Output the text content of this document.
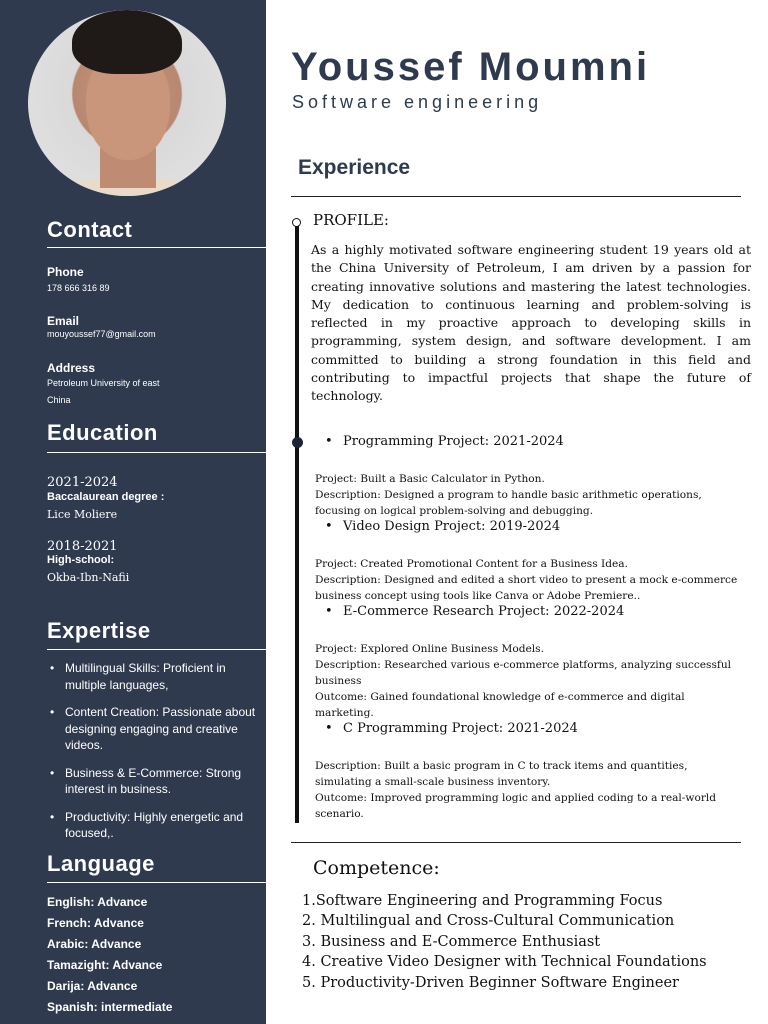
Contact
Phone
178 666 316 89
Email
mouyoussef77@gmail.com
Address
Petroleum University of east
China
Education
2021-2024
Baccalaurean degree :
Lice Moliere
2018-2021
High-school:
Okba-Ibn-Nafii
Expertise
• Multilingual Skills: Proficient in multiple languages,
• Content Creation: Passionate about designing engaging and creative videos.
• Business & E-Commerce: Strong interest in business.
• Productivity: Highly energetic and focused,.
Language
English: Advance
French: Advance
Arabic: Advance
Tamazight: Advance
Darija: Advance
Spanish: intermediate
Youssef Moumni
Software engineering
Experience
PROFILE:

As a highly motivated software engineering student 19 years old at the China University of Petroleum, I am driven by a passion for creating innovative solutions and mastering the latest technologies. My dedication to continuous learning and problem-solving is reflected in my proactive approach to developing skills in programming, system design, and software development. I am committed to building a strong foundation in this field and contributing to impactful projects that shape the future of technology.

• Programming Project: 2021-2024
Project: Built a Basic Calculator in Python.
Description: Designed a program to handle basic arithmetic operations, focusing on logical problem-solving and debugging.
• Video Design Project: 2019-2024
Project: Created Promotional Content for a Business Idea.
Description: Designed and edited a short video to present a mock e-commerce business concept using tools like Canva or Adobe Premiere..
• E-Commerce Research Project: 2022-2024
Project: Explored Online Business Models.
Description: Researched various e-commerce platforms, analyzing successful business
Outcome: Gained foundational knowledge of e-commerce and digital marketing.
• C Programming Project: 2021-2024
Description: Built a basic program in C to track items and quantities, simulating a small-scale business inventory.
Outcome: Improved programming logic and applied coding to a real-world scenario.
Competence:
1.Software Engineering and Programming Focus
2. Multilingual and Cross-Cultural Communication
3. Business and E-Commerce Enthusiast
4. Creative Video Designer with Technical Foundations
5. Productivity-Driven Beginner Software Engineer
